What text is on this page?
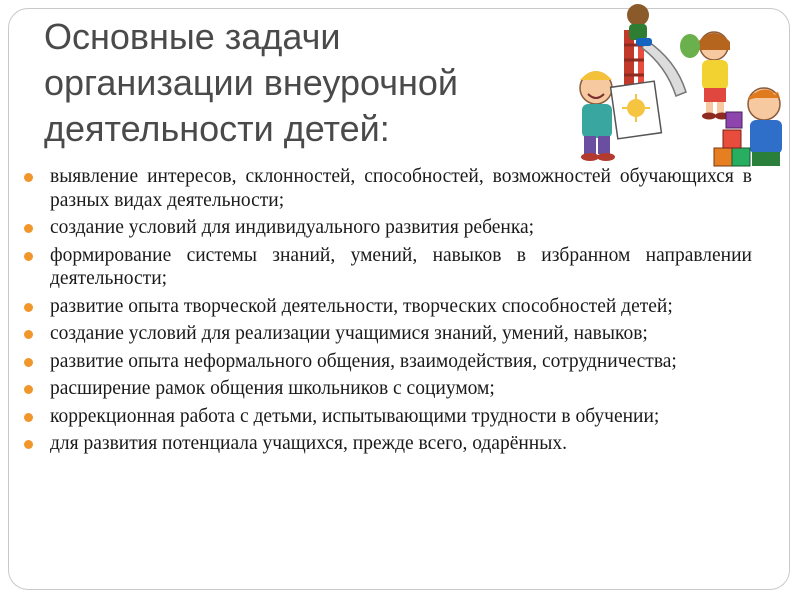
Основные задачи
организации внеурочной
деятельности детей:
выявление интересов, склонностей, способностей, возможностей обучающихся в разных видах деятельности;
создание условий для индивидуального развития ребенка;
формирование системы знаний, умений, навыков в избранном направлении деятельности;
развитие опыта творческой деятельности, творческих способностей детей;
создание условий для реализации учащимися знаний, умений, навыков;
развитие опыта неформального общения, взаимодействия, сотрудничества;
расширение рамок общения школьников с социумом;
коррекционная работа с детьми, испытывающими трудности в обучении;
для развития потенциала учащихся, прежде всего, одарённых.
